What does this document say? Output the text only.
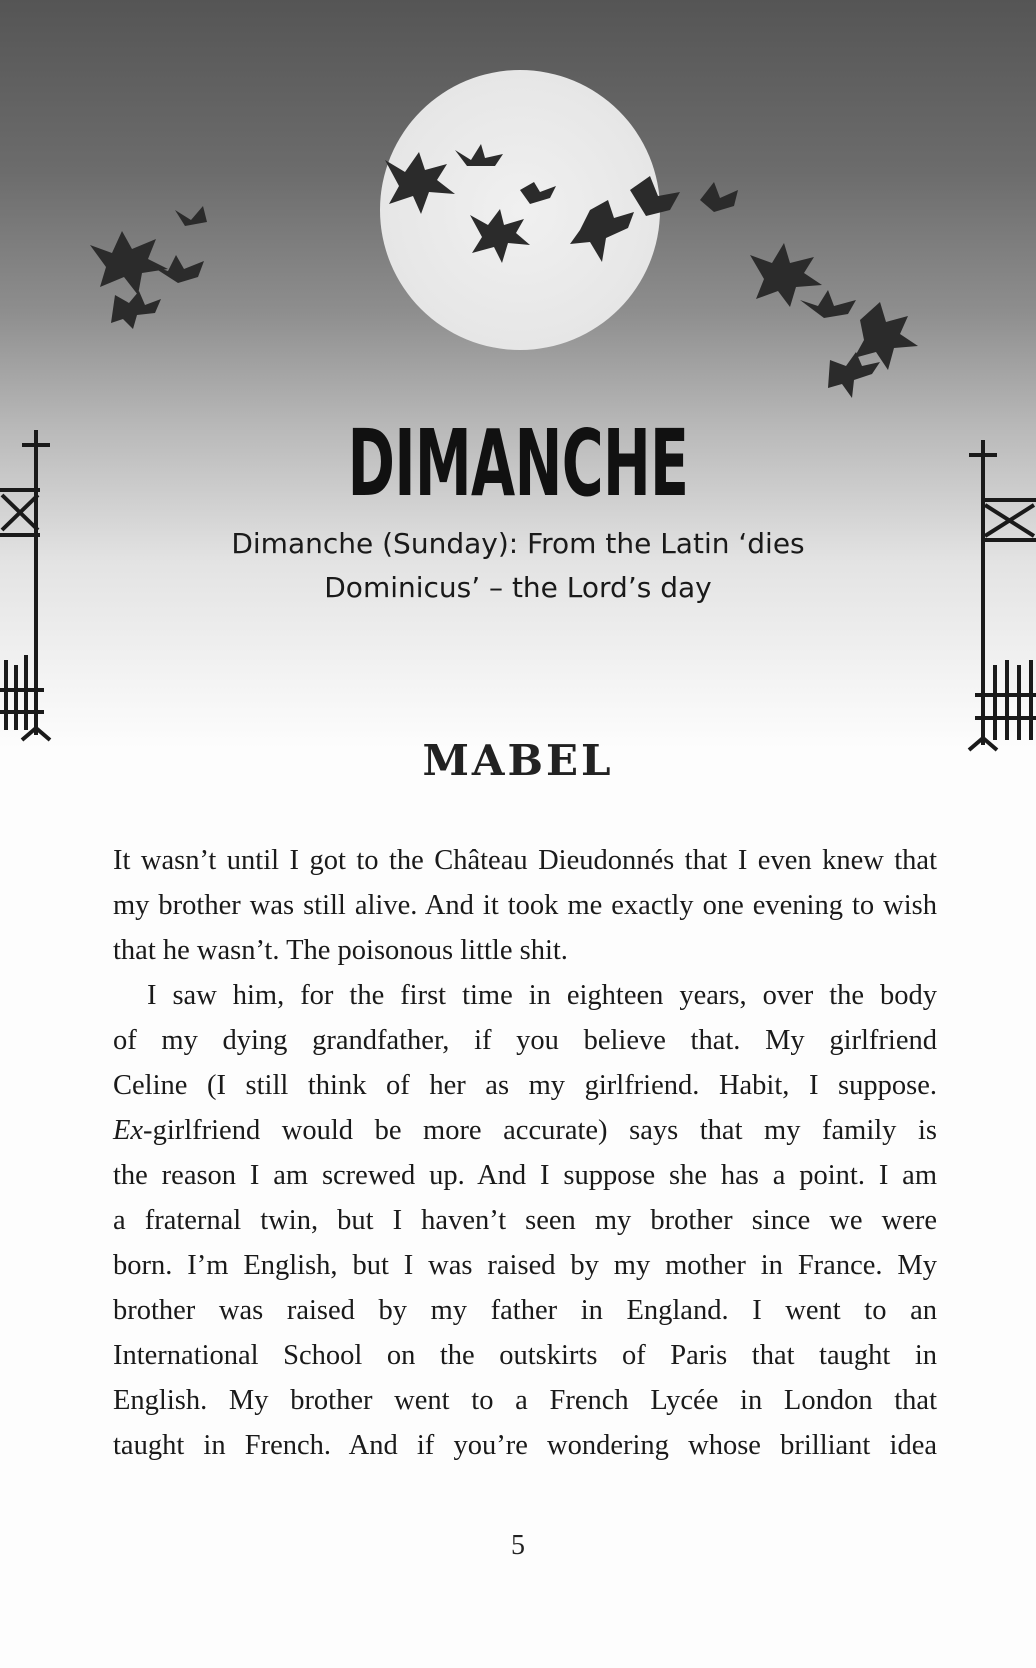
DIMANCHE
Dimanche (Sunday): From the Latin ‘dies
Dominicus’ – the Lord’s day
MABEL

It wasn’t until I got to the Château Dieudonnés that I even knew that my brother was still alive. And it took me exactly one evening to wish that he wasn’t. The poisonous little shit.

I saw him, for the first time in eighteen years, over the body

of my dying grandfather, if you believe that. My girlfriend

Celine (I still think of her as my girlfriend. Habit, I suppose.

Ex-girlfriend would be more accurate) says that my family is

the reason I am screwed up. And I suppose she has a point. I am

a fraternal twin, but I haven’t seen my brother since we were

born. I’m English, but I was raised by my mother in France. My

brother was raised by my father in England. I went to an

International School on the outskirts of Paris that taught in

English. My brother went to a French Lycée in London that

taught in French. And if you’re wondering whose brilliant idea

5
